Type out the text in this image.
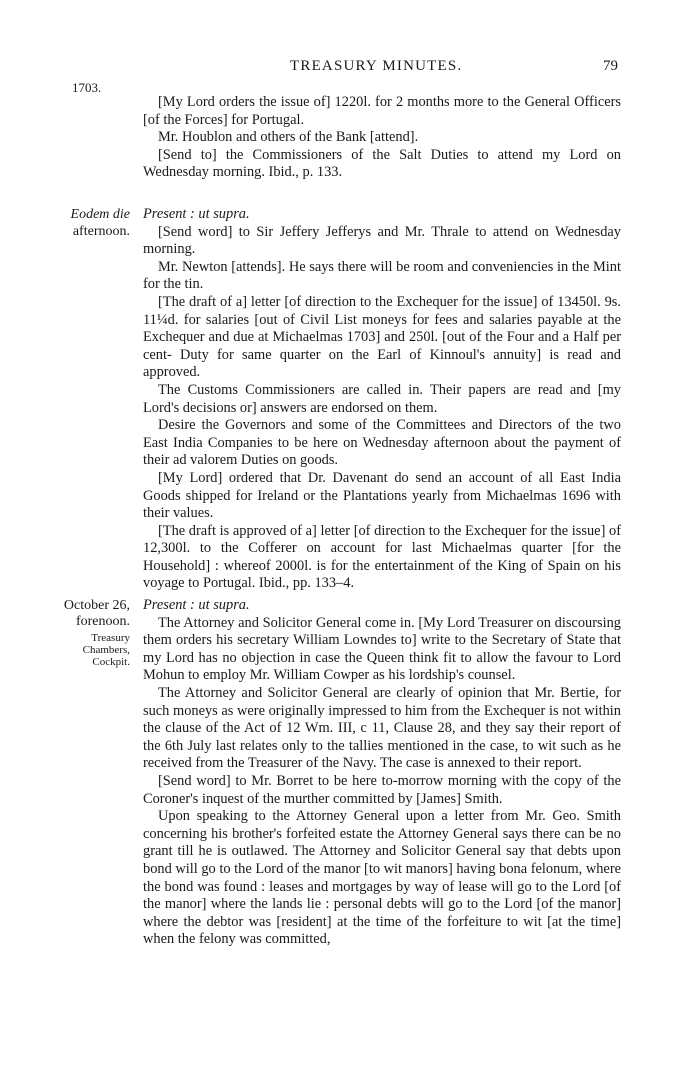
TREASURY MINUTES.	79
1703.

[My Lord orders the issue of] 1220l. for 2 months more to the General Officers [of the Forces] for Portugal.

Mr. Houblon and others of the Bank [attend].

[Send to] the Commissioners of the Salt Duties to attend my Lord on Wednesday morning. Ibid., p. 133.

Eodem die
afternoon.

Present : ut supra.

[Send word] to Sir Jeffery Jefferys and Mr. Thrale to attend on Wednesday morning.

Mr. Newton [attends]. He says there will be room and conveniencies in the Mint for the tin.

[The draft of a] letter [of direction to the Exchequer for the issue] of 13450l. 9s. 11¼d. for salaries [out of Civil List moneys for fees and salaries payable at the Exchequer and due at Michaelmas 1703] and 250l. [out of the Four and a Half per cent- Duty for same quarter on the Earl of Kinnoul's annuity] is read and approved.

The Customs Commissioners are called in. Their papers are read and [my Lord's decisions or] answers are endorsed on them.

Desire the Governors and some of the Committees and Directors of the two East India Companies to be here on Wednesday afternoon about the payment of their ad valorem Duties on goods.

[My Lord] ordered that Dr. Davenant do send an account of all East India Goods shipped for Ireland or the Plantations yearly from Michaelmas 1696 with their values.

[The draft is approved of a] letter [of direction to the Exchequer for the issue] of 12,300l. to the Cofferer on account for last Michaelmas quarter [for the Household] : whereof 2000l. is for the entertainment of the King of Spain on his voyage to Portugal. Ibid., pp. 133–4.

October 26,
forenoon.
Treasury
Chambers,
Cockpit.

Present : ut supra.

The Attorney and Solicitor General come in. [My Lord Treasurer on discoursing them orders his secretary William Lowndes to] write to the Secretary of State that my Lord has no objection in case the Queen think fit to allow the favour to Lord Mohun to employ Mr. William Cowper as his lordship's counsel.

The Attorney and Solicitor General are clearly of opinion that Mr. Bertie, for such moneys as were originally impressed to him from the Exchequer is not within the clause of the Act of 12 Wm. III, c 11, Clause 28, and they say their report of the 6th July last relates only to the tallies mentioned in the case, to wit such as he received from the Treasurer of the Navy. The case is annexed to their report.

[Send word] to Mr. Borret to be here to-morrow morning with the copy of the Coroner's inquest of the murther committed by [James] Smith.

Upon speaking to the Attorney General upon a letter from Mr. Geo. Smith concerning his brother's forfeited estate the Attorney General says there can be no grant till he is outlawed. The Attorney and Solicitor General say that debts upon bond will go to the Lord of the manor [to wit manors] having bona felonum, where the bond was found : leases and mortgages by way of lease will go to the Lord [of the manor] where the lands lie : personal debts will go to the Lord [of the manor] where the debtor was [resident] at the time of the forfeiture to wit [at the time] when the felony was committed,
